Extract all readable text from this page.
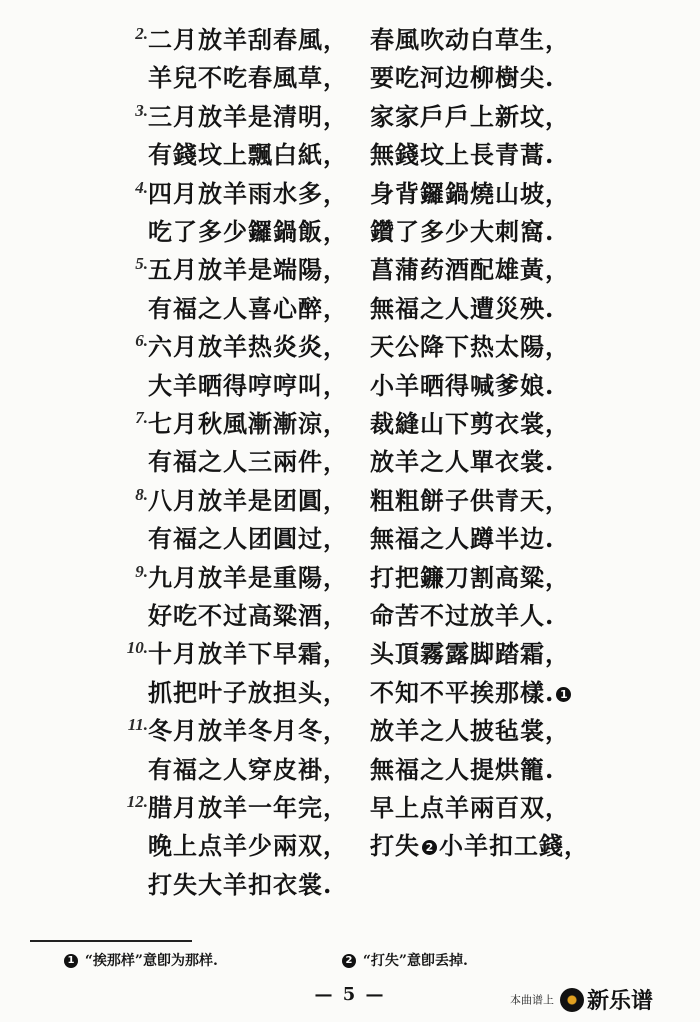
2. 二月放羊刮春風， 春風吹动白草生，
羊兒不吃春風草， 要吃河边柳樹尖.
3. 三月放羊是清明， 家家戶戶上新坟，
有錢坟上飄白紙， 無錢坟上長青蒿.
4. 四月放羊雨水多， 身背鑼鍋燒山坡，
吃了多少鑼鍋飯， 鑽了多少大刺窩.
5. 五月放羊是端陽， 菖蒲药酒配雄黃，
有福之人喜心醉， 無福之人遭災殃.
6. 六月放羊热炎炎， 天公降下热太陽，
大羊晒得哼哼叫， 小羊晒得喊爹娘.
7. 七月秋風漸漸涼， 裁縫山下剪衣裳，
有福之人三兩件， 放羊之人單衣裳.
8. 八月放羊是团圓， 粗粗餅子供青天，
有福之人团圓过， 無福之人蹲半边.
9. 九月放羊是重陽， 打把鐮刀割高粱，
好吃不过高粱酒， 命苦不过放羊人.
10. 十月放羊下早霜， 头頂霧露脚踏霜，
抓把叶子放担头， 不知不平挨那樣. 1
11. 冬月放羊冬月冬， 放羊之人披毡裳，
有福之人穿皮褂， 無福之人提烘籠.
12. 腊月放羊一年完， 早上点羊兩百双，
晚上点羊少兩双， 打失 2 小羊扣工錢，
打失大羊扣衣裳.
1 “挨那样”意卽为那样.	2 “打失”意卽丢掉.
— 5 —	本曲谱上 新乐谱
